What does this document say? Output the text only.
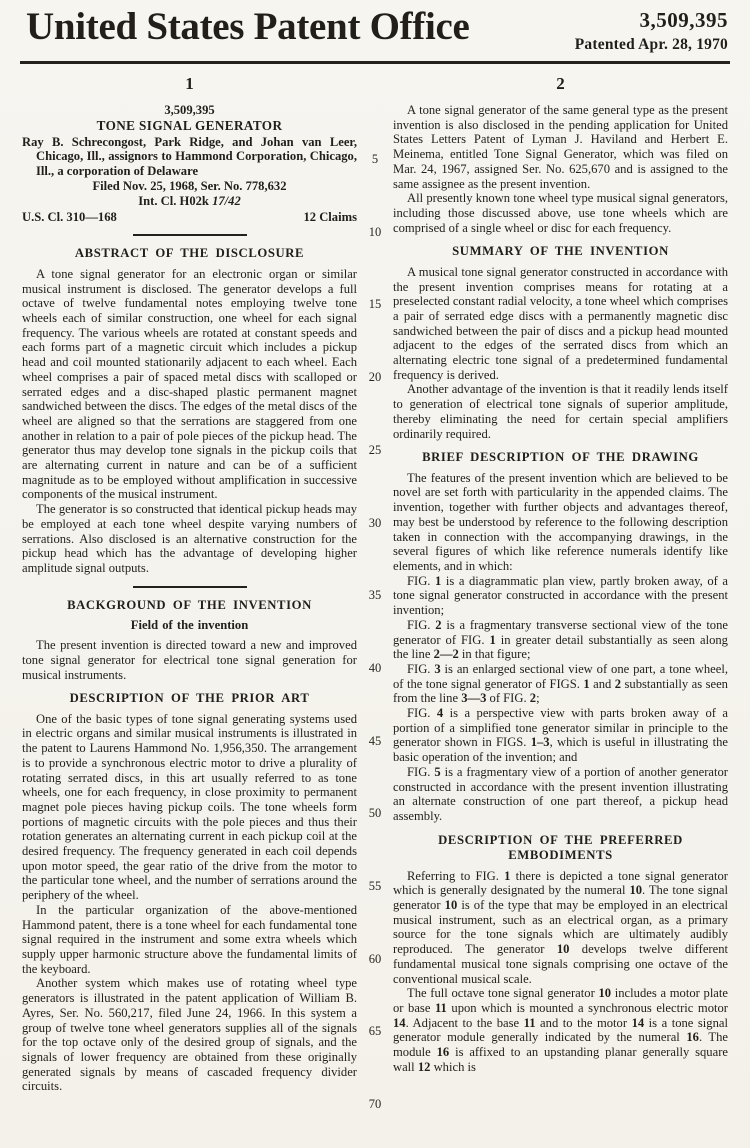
United States Patent Office	3,509,395
Patented Apr. 28, 1970
1
3,509,395
TONE SIGNAL GENERATOR
Ray B. Schrecongost, Park Ridge, and Johan van Leer, Chicago, Ill., assignors to Hammond Corporation, Chicago, Ill., a corporation of Delaware
Filed Nov. 25, 1968, Ser. No. 778,632
Int. Cl. H02k 17/42
U.S. Cl. 310—168	12 Claims
ABSTRACT OF THE DISCLOSURE
A tone signal generator for an electronic organ or similar musical instrument is disclosed. The generator develops a full octave of twelve fundamental notes employing twelve tone wheels each of similar construction, one wheel for each signal frequency. The various wheels are rotated at constant speeds and each forms part of a magnetic circuit which includes a pickup head and coil mounted stationarily adjacent to each wheel. Each wheel comprises a pair of spaced metal discs with scalloped or serrated edges and a disc-shaped plastic permanent magnet sandwiched between the discs. The edges of the metal discs of the wheel are aligned so that the serrations are staggered from one another in relation to a pair of pole pieces of the pickup head. The generator thus may develop tone signals in the pickup coils that are alternating current in nature and can be of a sufficient magnitude as to be employed without amplification in successive components of the musical instrument.
The generator is so constructed that identical pickup heads may be employed at each tone wheel despite varying numbers of serrations. Also disclosed is an alternative construction for the pickup head which has the advantage of developing higher amplitude signal outputs.
BACKGROUND OF THE INVENTION
Field of the invention
The present invention is directed toward a new and improved tone signal generator for electrical tone signal generation for musical instruments.
DESCRIPTION OF THE PRIOR ART
One of the basic types of tone signal generating systems used in electric organs and similar musical instruments is illustrated in the patent to Laurens Hammond No. 1,956,350. The arrangement is to provide a synchronous electric motor to drive a plurality of rotating serrated discs, in this art usually referred to as tone wheels, one for each frequency, in close proximity to permanent magnet pole pieces having pickup coils. The tone wheels form portions of magnetic circuits with the pole pieces and thus their rotation generates an alternating current in each pickup coil at the desired frequency. The frequency generated in each coil depends upon motor speed, the gear ratio of the drive from the motor to the particular tone wheel, and the number of serrations around the periphery of the wheel.
In the particular organization of the above-mentioned Hammond patent, there is a tone wheel for each fundamental tone signal required in the instrument and some extra wheels which supply upper harmonic structure above the fundamental limits of the keyboard.
Another system which makes use of rotating wheel type generators is illustrated in the patent application of William B. Ayres, Ser. No. 560,217, filed June 24, 1966. In this system a group of twelve tone wheel generators supplies all of the signals for the top octave only of the desired group of signals, and the signals of lower frequency are obtained from these originally generated signals by means of cascaded frequency divider circuits.
5
10
15
20
25
30
35
40
45
50
55
60
65
70
2
A tone signal generator of the same general type as the present invention is also disclosed in the pending application for United States Letters Patent of Lyman J. Haviland and Herbert E. Meinema, entitled Tone Signal Generator, which was filed on Mar. 24, 1967, assigned Ser. No. 625,670 and is assigned to the same assignee as the present invention.
All presently known tone wheel type musical signal generators, including those discussed above, use tone wheels which are comprised of a single wheel or disc for each frequency.
SUMMARY OF THE INVENTION
A musical tone signal generator constructed in accordance with the present invention comprises means for rotating at a preselected constant radial velocity, a tone wheel which comprises a pair of serrated edge discs with a permanently magnetic disc sandwiched between the pair of discs and a pickup head mounted adjacent to the edges of the serrated discs from which an alternating electric tone signal of a predetermined fundamental frequency is derived.
Another advantage of the invention is that it readily lends itself to generation of electrical tone signals of superior amplitude, thereby eliminating the need for certain special amplifiers ordinarily required.
BRIEF DESCRIPTION OF THE DRAWING
The features of the present invention which are believed to be novel are set forth with particularity in the appended claims. The invention, together with further objects and advantages thereof, may best be understood by reference to the following description taken in connection with the accompanying drawings, in the several figures of which like reference numerals identify like elements, and in which:
FIG. 1 is a diagrammatic plan view, partly broken away, of a tone signal generator constructed in accordance with the present invention;
FIG. 2 is a fragmentary transverse sectional view of the tone generator of FIG. 1 in greater detail substantially as seen along the line 2—2 in that figure;
FIG. 3 is an enlarged sectional view of one part, a tone wheel, of the tone signal generator of FIGS. 1 and 2 substantially as seen from the line 3—3 of FIG. 2;
FIG. 4 is a perspective view with parts broken away of a portion of a simplified tone generator similar in principle to the generator shown in FIGS. 1–3, which is useful in illustrating the basic operation of the invention; and
FIG. 5 is a fragmentary view of a portion of another generator constructed in accordance with the present invention illustrating an alternate construction of one part thereof, a pickup head assembly.
DESCRIPTION OF THE PREFERRED EMBODIMENTS
Referring to FIG. 1 there is depicted a tone signal generator which is generally designated by the numeral 10. The tone signal generator 10 is of the type that may be employed in an electrical musical instrument, such as an electrical organ, as a primary source for the tone signals which are ultimately audibly reproduced. The generator 10 develops twelve different fundamental musical tone signals comprising one octave of the conventional musical scale.
The full octave tone signal generator 10 includes a motor plate or base 11 upon which is mounted a synchronous electric motor 14. Adjacent to the base 11 and to the motor 14 is a tone signal generator module generally indicated by the numeral 16. The module 16 is affixed to an upstanding planar generally square wall 12 which is
